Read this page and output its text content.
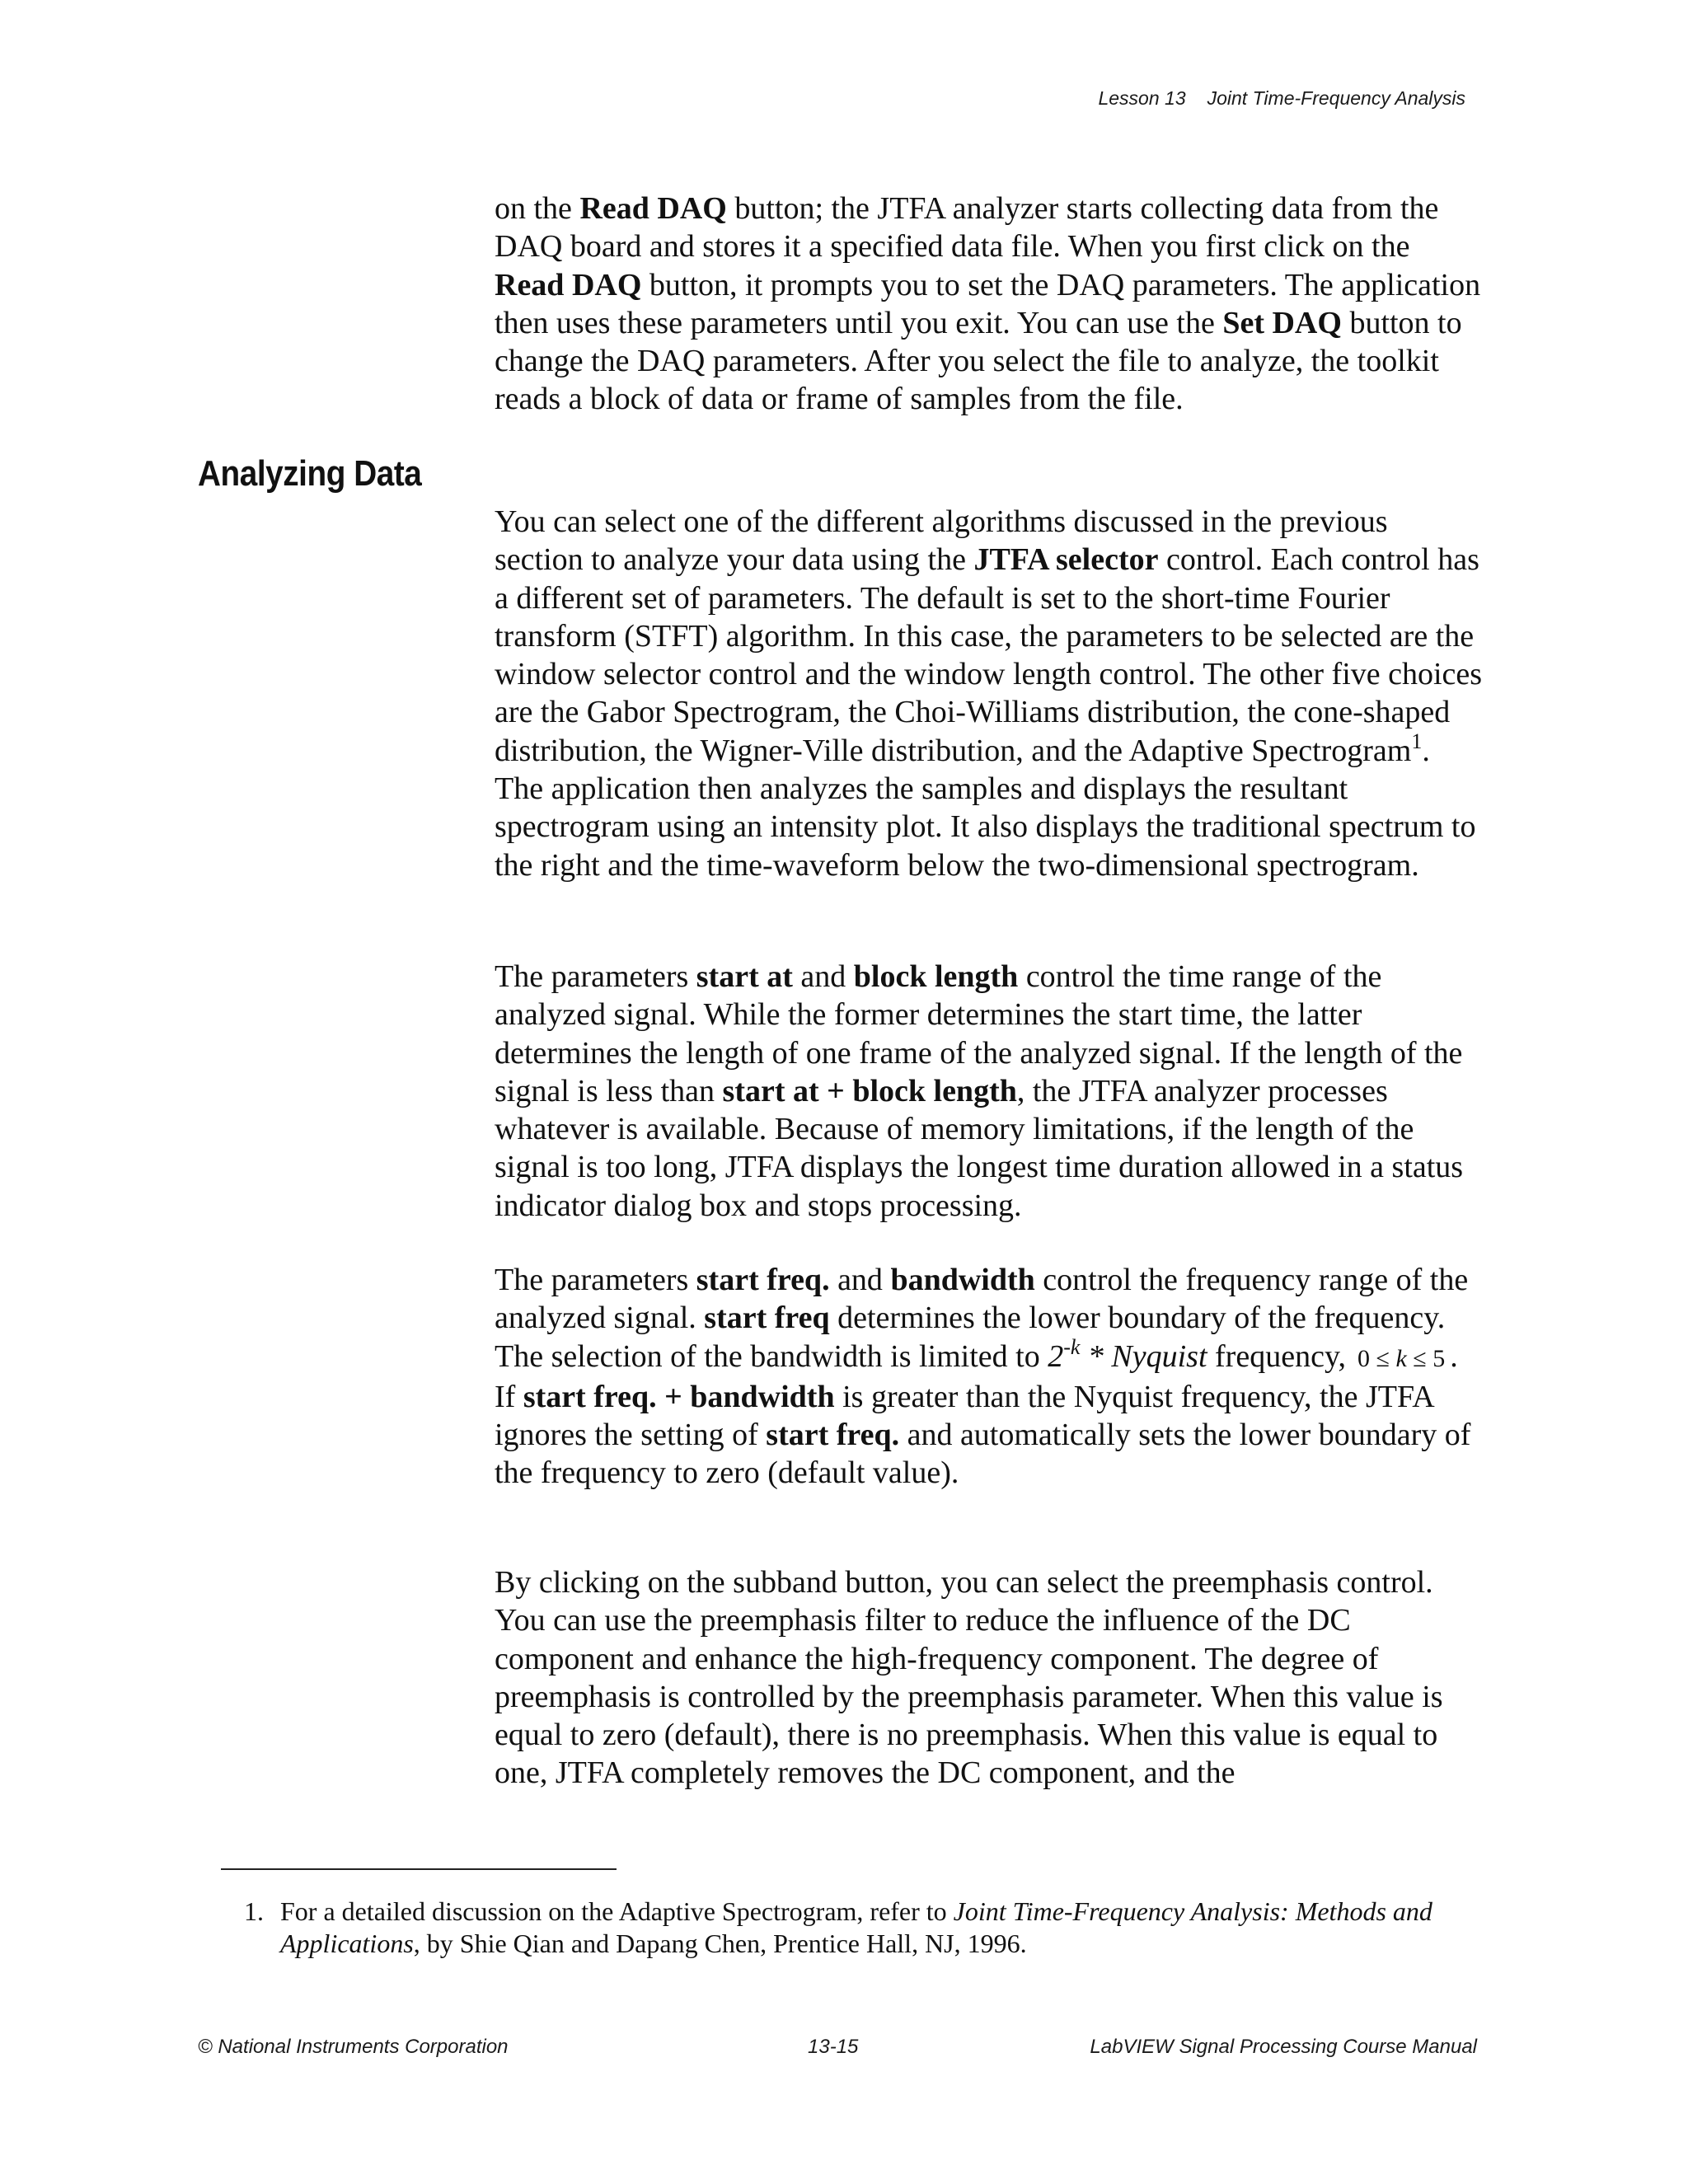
Lesson 13 Joint Time-Frequency Analysis

on the Read DAQ button; the JTFA analyzer starts collecting data from the DAQ board and stores it a specified data file. When you first click on the Read DAQ button, it prompts you to set the DAQ parameters. The application then uses these parameters until you exit. You can use the Set DAQ button to change the DAQ parameters. After you select the file to analyze, the toolkit reads a block of data or frame of samples from the file.

Analyzing Data

You can select one of the different algorithms discussed in the previous section to analyze your data using the JTFA selector control. Each control has a different set of parameters. The default is set to the short-time Fourier transform (STFT) algorithm. In this case, the parameters to be selected are the window selector control and the window length control. The other five choices are the Gabor Spectrogram, the Choi-Williams distribution, the cone-shaped distribution, the Wigner-Ville distribution, and the Adaptive Spectrogram$^1$. The application then analyzes the samples and displays the resultant spectrogram using an intensity plot. It also displays the traditional spectrum to the right and the time-waveform below the two-dimensional spectrogram.

The parameters start at and block length control the time range of the analyzed signal. While the former determines the start time, the latter determines the length of one frame of the analyzed signal. If the length of the signal is less than start at + block length, the JTFA analyzer processes whatever is available. Because of memory limitations, if the length of the signal is too long, JTFA displays the longest time duration allowed in a status indicator dialog box and stops processing.

The parameters start freq. and bandwidth control the frequency range of the analyzed signal. start freq determines the lower boundary of the frequency. The selection of the bandwidth is limited to $2^{-k}$ * Nyquist frequency, 0 ≤ k ≤ 5 . If start freq. + bandwidth is greater than the Nyquist frequency, the JTFA ignores the setting of start freq. and automatically sets the lower boundary of the frequency to zero (default value).

By clicking on the subband button, you can select the preemphasis control. You can use the preemphasis filter to reduce the influence of the DC component and enhance the high-frequency component. The degree of preemphasis is controlled by the preemphasis parameter. When this value is equal to zero (default), there is no preemphasis. When this value is equal to one, JTFA completely removes the DC component, and the

1. For a detailed discussion on the Adaptive Spectrogram, refer to Joint Time-Frequency Analysis: Methods and Applications, by Shie Qian and Dapang Chen, Prentice Hall, NJ, 1996.
© National Instruments Corporation	13-15	LabVIEW Signal Processing Course Manual
